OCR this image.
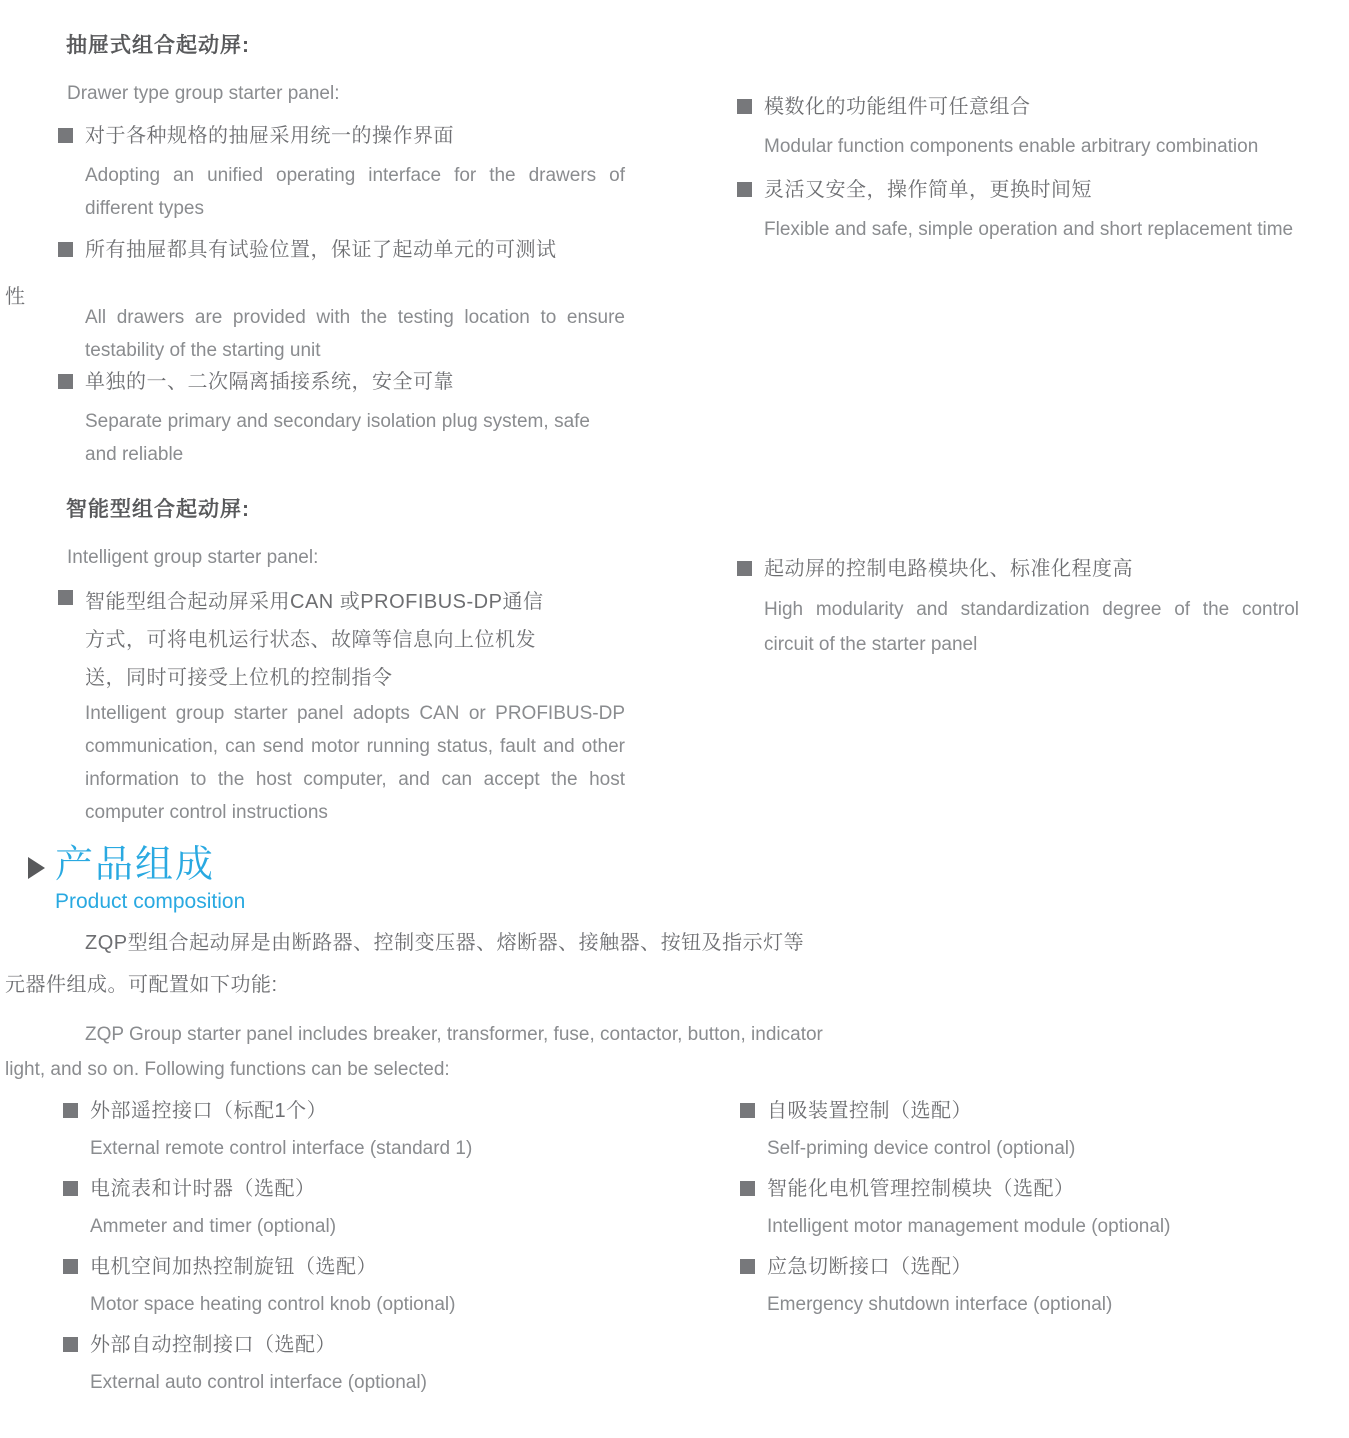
抽屉式组合起动屏:
Drawer type group starter panel:
对于各种规格的抽屉采用统一的操作界面
Adopting an unified operating interface for the drawers of different types
所有抽屉都具有试验位置，保证了起动单元的可测试
性
All drawers are provided with the testing location to ensure testability of the starting unit
单独的一、二次隔离插接系统，安全可靠
Separate primary and secondary isolation plug system, safe and reliable
模数化的功能组件可任意组合
Modular function components enable arbitrary combination
灵活又安全，操作简单，更换时间短
Flexible and safe, simple operation and short replacement time
智能型组合起动屏:
Intelligent group starter panel:
智能型组合起动屏采用CAN 或PROFIBUS-DP通信
方式，可将电机运行状态、故障等信息向上位机发
送，同时可接受上位机的控制指令
Intelligent group starter panel adopts CAN or PROFIBUS-DP communication, can send motor running status, fault and other information to the host computer, and can accept the host computer control instructions
起动屏的控制电路模块化、标准化程度高
High modularity and standardization degree of the control circuit of the starter panel
产品组成
Product composition
ZQP型组合起动屏是由断路器、控制变压器、熔断器、接触器、按钮及指示灯等
元器件组成。可配置如下功能:
ZQP Group starter panel includes breaker, transformer, fuse, contactor, button, indicator
light, and so on. Following functions can be selected:
外部遥控接口（标配1个）
External remote control interface (standard 1)
电流表和计时器（选配）
Ammeter and timer (optional)
电机空间加热控制旋钮（选配）
Motor space heating control knob (optional)
外部自动控制接口（选配）
External auto control interface (optional)
自吸装置控制（选配）
Self-priming device control (optional)
智能化电机管理控制模块（选配）
Intelligent motor management module (optional)
应急切断接口（选配）
Emergency shutdown interface (optional)
